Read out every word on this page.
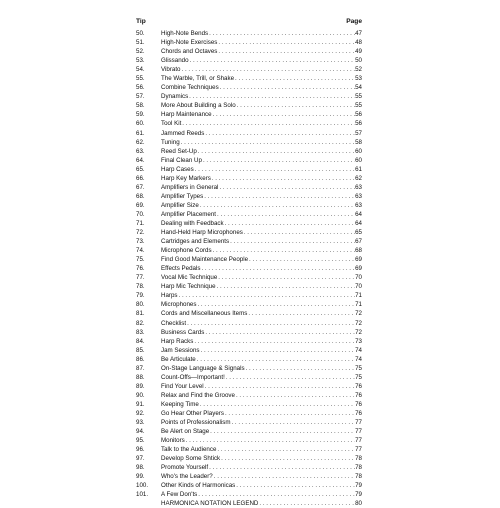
Tip	Page
50.	High-Note Bends . . .	47
51.	High-Note Exercises . . .	48
52.	Chords and Octaves . . .	49
53.	Glissando . . .	50
54.	Vibrato . . .	52
55.	The Warble, Trill, or Shake . . .	53
56.	Combine Techniques . . .	54
57.	Dynamics . . .	55
58.	More About Building a Solo . . .	55
59.	Harp Maintenance . . .	56
60.	Tool Kit . . .	56
61.	Jammed Reeds . . .	57
62.	Tuning . . .	58
63.	Reed Set-Up . . .	60
64.	Final Clean Up . . .	60
65.	Harp Cases . . .	61
66.	Harp Key Markers . . .	62
67.	Amplifiers in General . . .	63
68.	Amplifier Types . . .	63
69.	Amplifier Size . . .	63
70.	Amplifier Placement . . .	64
71.	Dealing with Feedback . . .	64
72.	Hand-Held Harp Microphones . . .	65
73.	Cartridges and Elements . . .	67
74.	Microphone Cords . . .	68
75.	Find Good Maintenance People . . .	69
76.	Effects Pedals . . .	69
77.	Vocal Mic Technique . . .	70
78.	Harp Mic Technique . . .	70
79.	Harps . . .	71
80.	Microphones . . .	71
81.	Cords and Miscellaneous Items . . .	72
82.	Checklist . . .	72
83.	Business Cards . . .	72
84.	Harp Racks . . .	73
85.	Jam Sessions . . .	74
86.	Be Articulate . . .	74
87.	On-Stage Language & Signals . . .	75
88.	Count-Offs—Important! . . .	75
89.	Find Your Level . . .	76
90.	Relax and Find the Groove . . .	76
91.	Keeping Time . . .	76
92.	Go Hear Other Players . . .	76
93.	Points of Professionalism . . .	77
94.	Be Alert on Stage . . .	77
95.	Monitors . . .	77
96.	Talk to the Audience . . .	77
97.	Develop Some Shtick . . .	78
98.	Promote Yourself . . .	78
99.	Who's the Leader? . . .	78
100.	Other Kinds of Harmonicas . . .	79
101.	A Few Don'ts . . .	79
HARMONICA NOTATION LEGEND . . .	80
